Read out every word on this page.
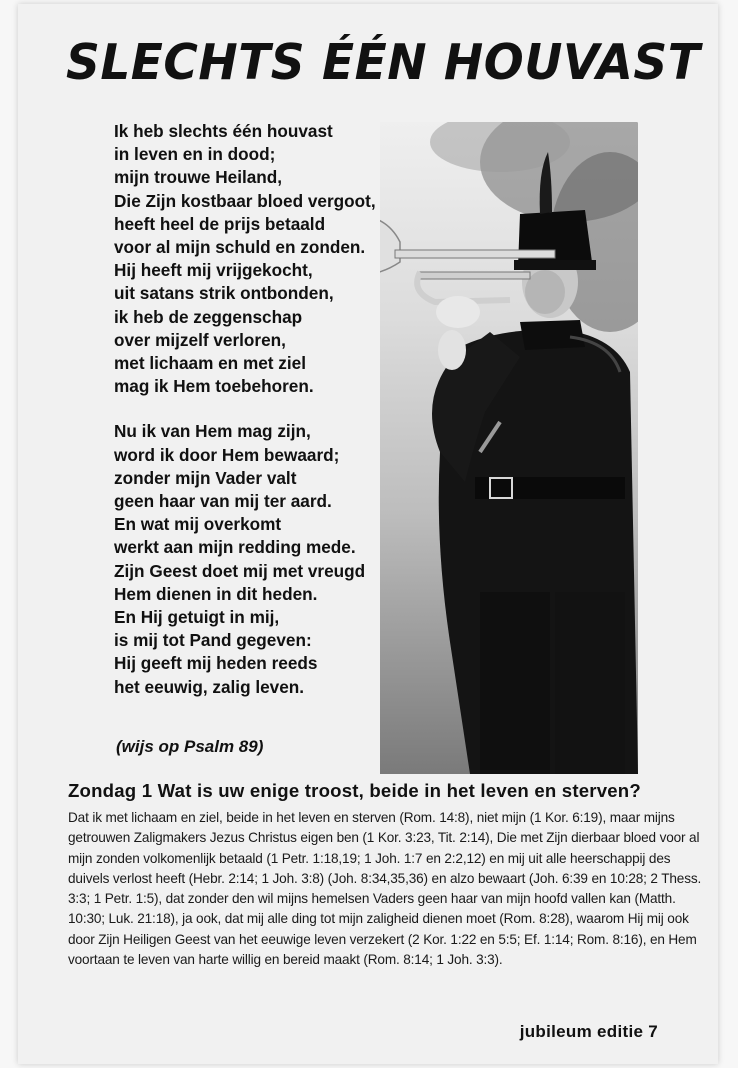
SLECHTS ÉÉN HOUVAST
Ik heb slechts één houvast
in leven en in dood;
mijn trouwe Heiland,
Die Zijn kostbaar bloed vergoot,
heeft heel de prijs betaald
voor al mijn schuld en zonden.
Hij heeft mij vrijgekocht,
uit satans strik ontbonden,
ik heb de zeggenschap
over mijzelf verloren,
met lichaam en met ziel
mag ik Hem toebehoren.
Nu ik van Hem mag zijn,
word ik door Hem bewaard;
zonder mijn Vader valt
geen haar van mij ter aard.
En wat mij overkomt
werkt aan mijn redding mede.
Zijn Geest doet mij met vreugd
Hem dienen in dit heden.
En Hij getuigt in mij,
is mij tot Pand gegeven:
Hij geeft mij heden reeds
het eeuwig, zalig leven.
(wijs op Psalm 89)
Zondag 1 Wat is uw enige troost, beide in het leven en sterven?

Dat ik met lichaam en ziel, beide in het leven en sterven (Rom. 14:8), niet mijn (1 Kor. 6:19), maar mijns getrouwen Zaligmakers Jezus Christus eigen ben (1 Kor. 3:23, Tit. 2:14), Die met Zijn dierbaar bloed voor al mijn zonden volkomenlijk betaald (1 Petr. 1:18,19; 1 Joh. 1:7 en 2:2,12) en mij uit alle heerschappij des duivels verlost heeft (Hebr. 2:14; 1 Joh. 3:8) (Joh. 8:34,35,36) en alzo bewaart (Joh. 6:39 en 10:28; 2 Thess. 3:3; 1 Petr. 1:5), dat zonder den wil mijns hemelsen Vaders geen haar van mijn hoofd vallen kan (Matth. 10:30; Luk. 21:18), ja ook, dat mij alle ding tot mijn zaligheid dienen moet (Rom. 8:28), waarom Hij mij ook door Zijn Heiligen Geest van het eeuwige leven verzekert (2 Kor. 1:22 en 5:5; Ef. 1:14; Rom. 8:16), en Hem voortaan te leven van harte willig en bereid maakt (Rom. 8:14; 1 Joh. 3:3).

jubileum editie 7
